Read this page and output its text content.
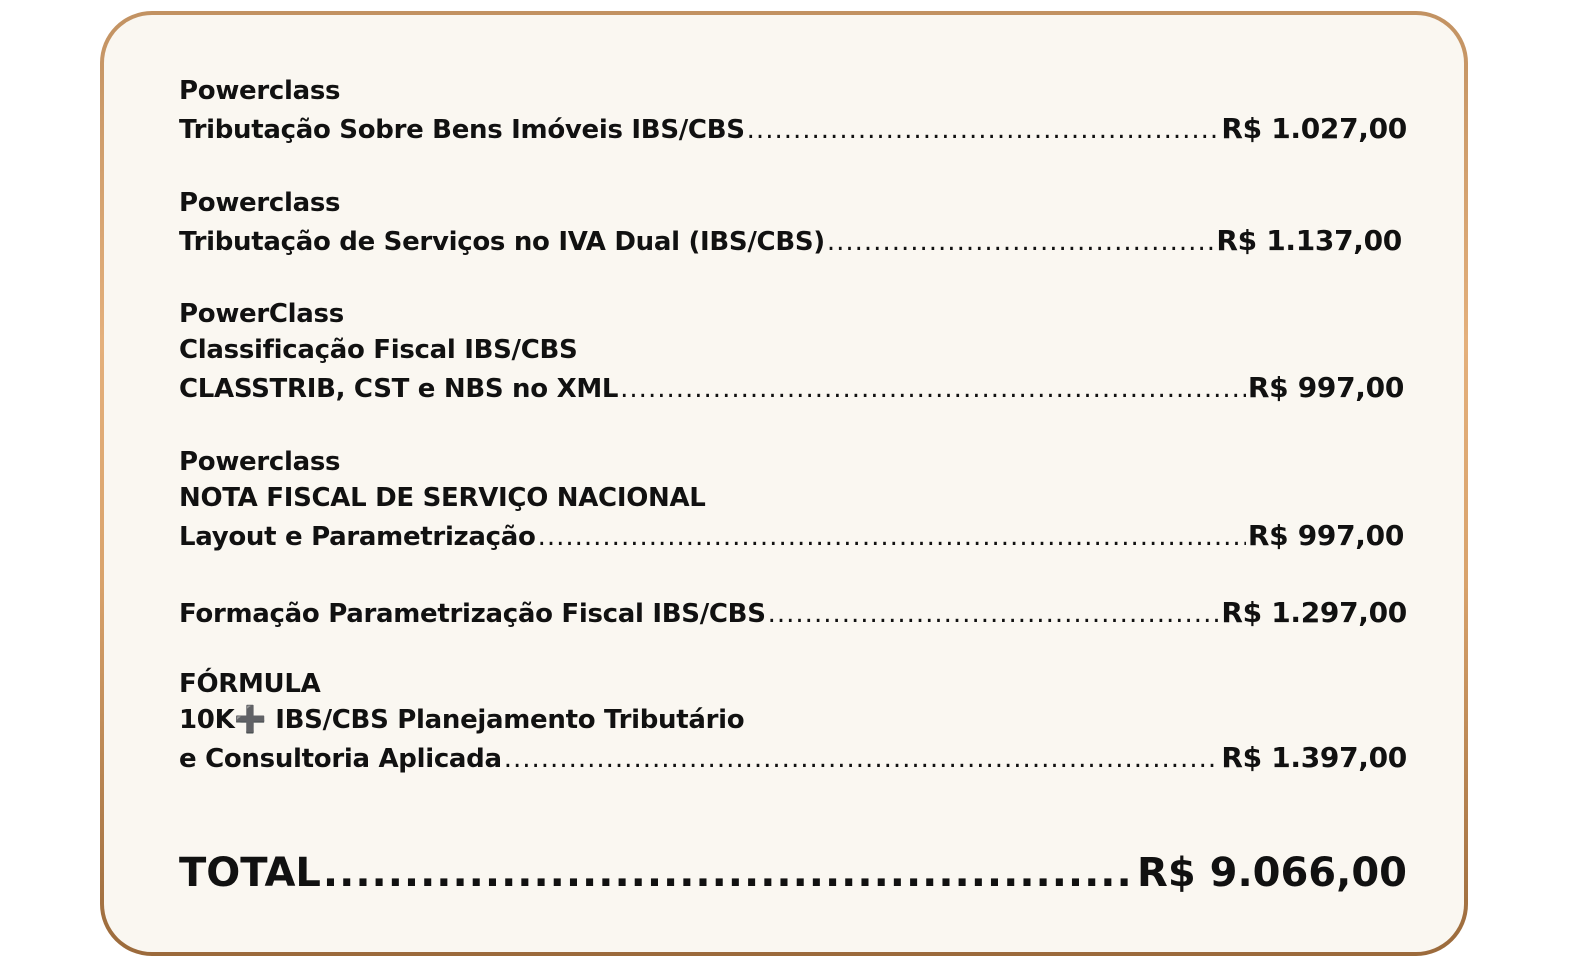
Powerclass
Tributação Sobre Bens Imóveis IBS/CBS .....	R$ 1.027,00
Powerclass
Tributação de Serviços no IVA Dual (IBS/CBS) .....	R$ 1.137,00
PowerClass
Classificação Fiscal IBS/CBS
CLASSTRIB, CST e NBS no XML .....	R$ 997,00
Powerclass
NOTA FISCAL DE SERVIÇO NACIONAL
Layout e Parametrização .....	R$ 997,00
Formação Parametrização Fiscal IBS/CBS .....	R$ 1.297,00
FÓRMULA
10K➕ IBS/CBS Planejamento Tributário
e Consultoria Aplicada .....	R$ 1.397,00
TOTAL .....	R$ 9.066,00
